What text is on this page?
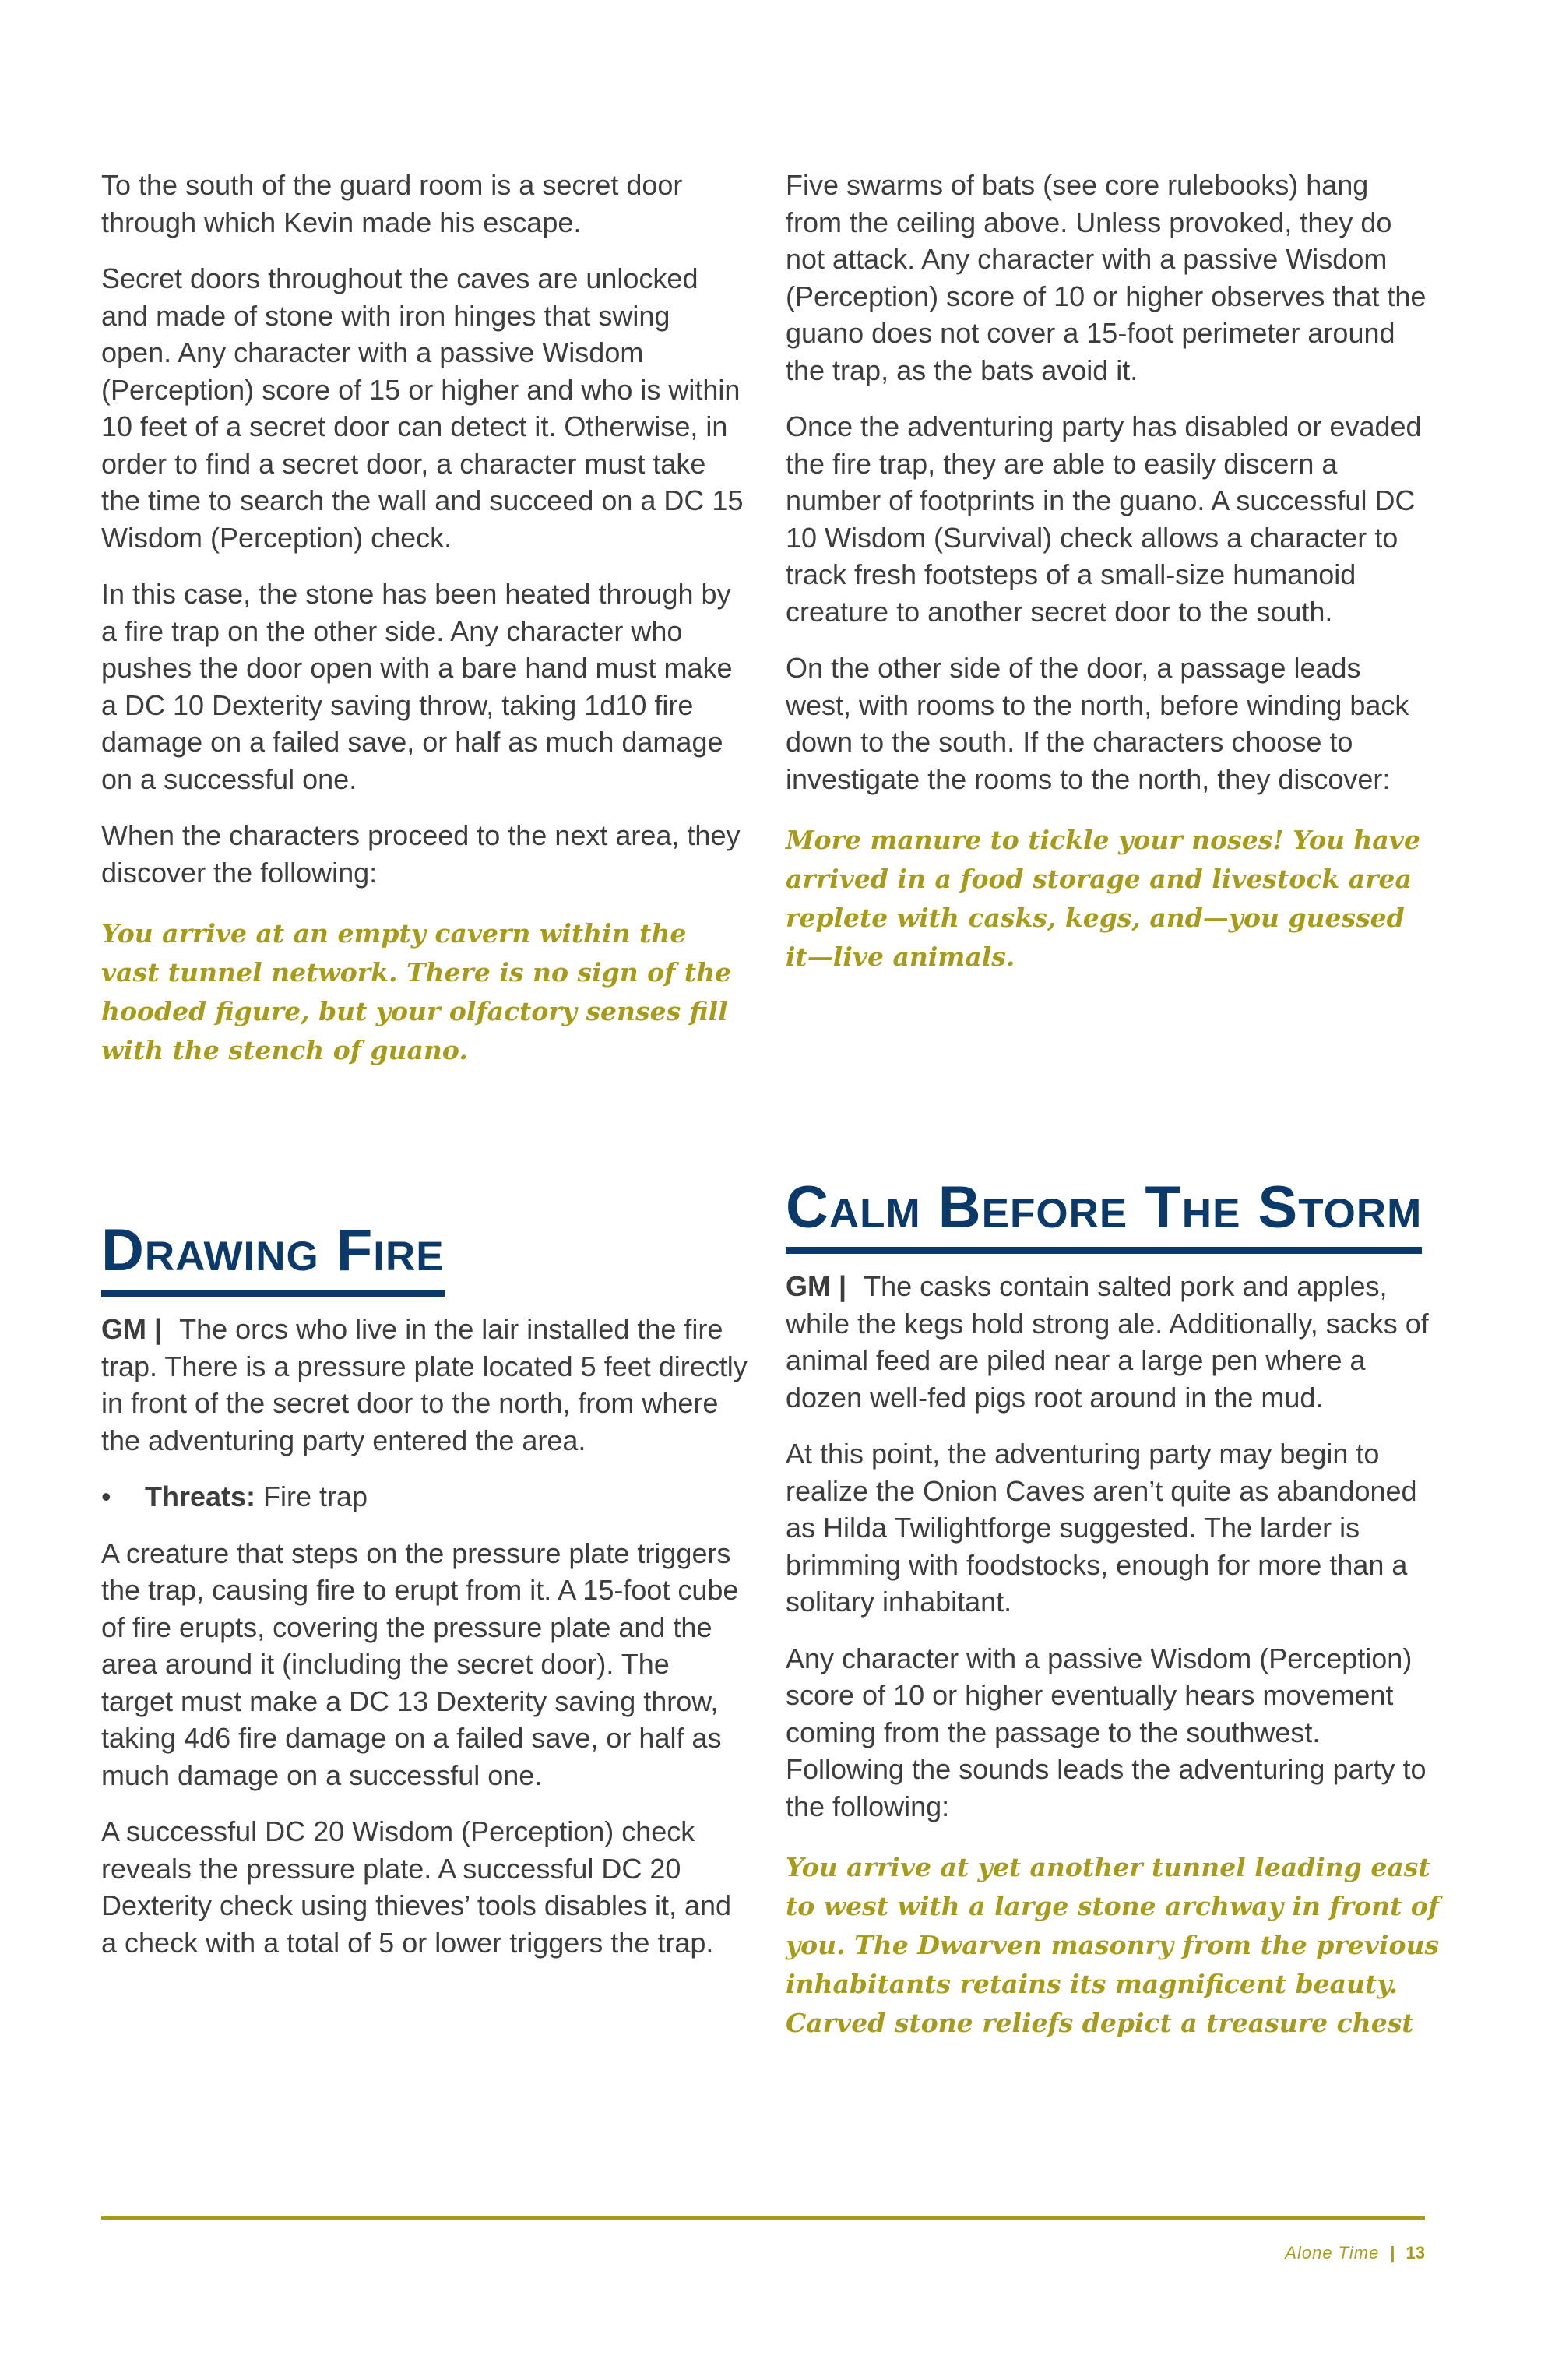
To the south of the guard room is a secret door through which Kevin made his escape.

Secret doors throughout the caves are unlocked and made of stone with iron hinges that swing open. Any character with a passive Wisdom (Perception) score of 15 or higher and who is within 10 feet of a secret door can detect it. Otherwise, in order to find a secret door, a character must take the time to search the wall and succeed on a DC 15 Wisdom (Perception) check.

In this case, the stone has been heated through by a fire trap on the other side. Any character who pushes the door open with a bare hand must make a DC 10 Dexterity saving throw, taking 1d10 fire damage on a failed save, or half as much damage on a successful one.

When the characters proceed to the next area, they discover the following:

You arrive at an empty cavern within the vast tunnel network. There is no sign of the hooded figure, but your olfactory senses fill with the stench of guano.

Drawing Fire

GM | The orcs who live in the lair installed the fire trap. There is a pressure plate located 5 feet directly in front of the secret door to the north, from where the adventuring party entered the area.

• Threats: Fire trap

A creature that steps on the pressure plate triggers the trap, causing fire to erupt from it. A 15-foot cube of fire erupts, covering the pressure plate and the area around it (including the secret door). The target must make a DC 13 Dexterity saving throw, taking 4d6 fire damage on a failed save, or half as much damage on a successful one.

A successful DC 20 Wisdom (Perception) check reveals the pressure plate. A successful DC 20 Dexterity check using thieves’ tools disables it, and a check with a total of 5 or lower triggers the trap.

Five swarms of bats (see core rulebooks) hang from the ceiling above. Unless provoked, they do not attack. Any character with a passive Wisdom (Perception) score of 10 or higher observes that the guano does not cover a 15-foot perimeter around the trap, as the bats avoid it.

Once the adventuring party has disabled or evaded the fire trap, they are able to easily discern a number of footprints in the guano. A successful DC 10 Wisdom (Survival) check allows a character to track fresh footsteps of a small-size humanoid creature to another secret door to the south.

On the other side of the door, a passage leads west, with rooms to the north, before winding back down to the south. If the characters choose to investigate the rooms to the north, they discover:

More manure to tickle your noses! You have arrived in a food storage and livestock area replete with casks, kegs, and—you guessed it—live animals.

Calm Before The Storm

GM | The casks contain salted pork and apples, while the kegs hold strong ale. Additionally, sacks of animal feed are piled near a large pen where a dozen well-fed pigs root around in the mud.

At this point, the adventuring party may begin to realize the Onion Caves aren’t quite as abandoned as Hilda Twilightforge suggested. The larder is brimming with foodstocks, enough for more than a solitary inhabitant.

Any character with a passive Wisdom (Perception) score of 10 or higher eventually hears movement coming from the passage to the southwest. Following the sounds leads the adventuring party to the following:

You arrive at yet another tunnel leading east to west with a large stone archway in front of you. The Dwarven masonry from the previous inhabitants retains its magnificent beauty. Carved stone reliefs depict a treasure chest

Alone Time | 13
